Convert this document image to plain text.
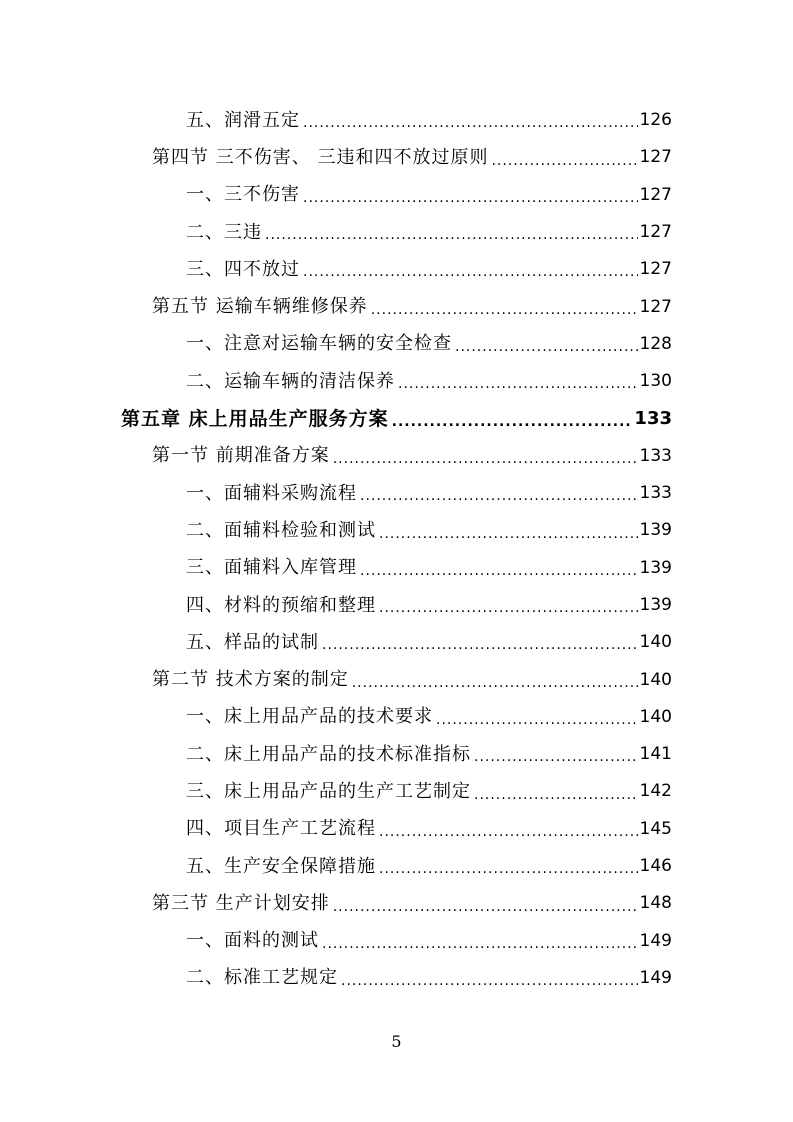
五、润滑五定 .....	126
第四节 三不伤害、 三违和四不放过原则 .....	127
一、三不伤害 .....	127
二、三违 .....	127
三、四不放过 .....	127
第五节 运输车辆维修保养 .....	127
一、注意对运输车辆的安全检查 .....	128
二、运输车辆的清洁保养 .....	130
第五章 床上用品生产服务方案 .....	133
第一节 前期准备方案 .....	133
一、面辅料采购流程 .....	133
二、面辅料检验和测试 .....	139
三、面辅料入库管理 .....	139
四、材料的预缩和整理 .....	139
五、样品的试制 .....	140
第二节 技术方案的制定 .....	140
一、床上用品产品的技术要求 .....	140
二、床上用品产品的技术标准指标 .....	141
三、床上用品产品的生产工艺制定 .....	142
四、项目生产工艺流程 .....	145
五、生产安全保障措施 .....	146
第三节 生产计划安排 .....	148
一、面料的测试 .....	149
二、标准工艺规定 .....	149
5
